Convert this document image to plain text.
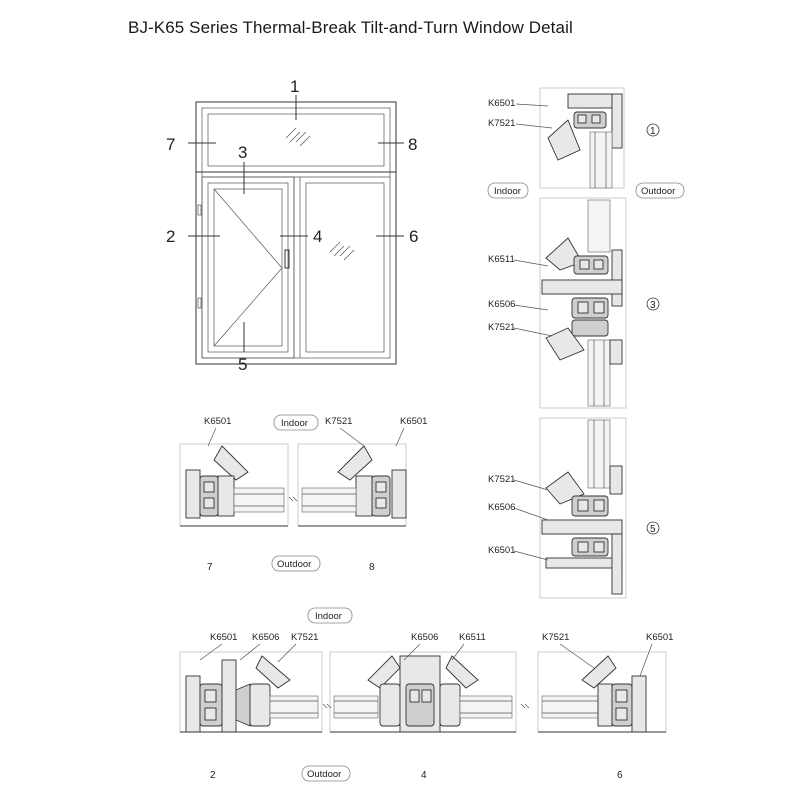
BJ-K65 Series Thermal-Break Tilt-and-Turn Window Detail
1
7	8
3
2	4	6
5
K6501
K7521
1
Indoor	Outdoor
K6511
K6506
K7521
3
K7521
K6506
K6501
5
K6501
7
K7521	K6501
8
Indoor
Outdoor
K6501 K6506 K7521
2
K6506 K6511
4
K7521	K6501
6
Indoor
Outdoor
